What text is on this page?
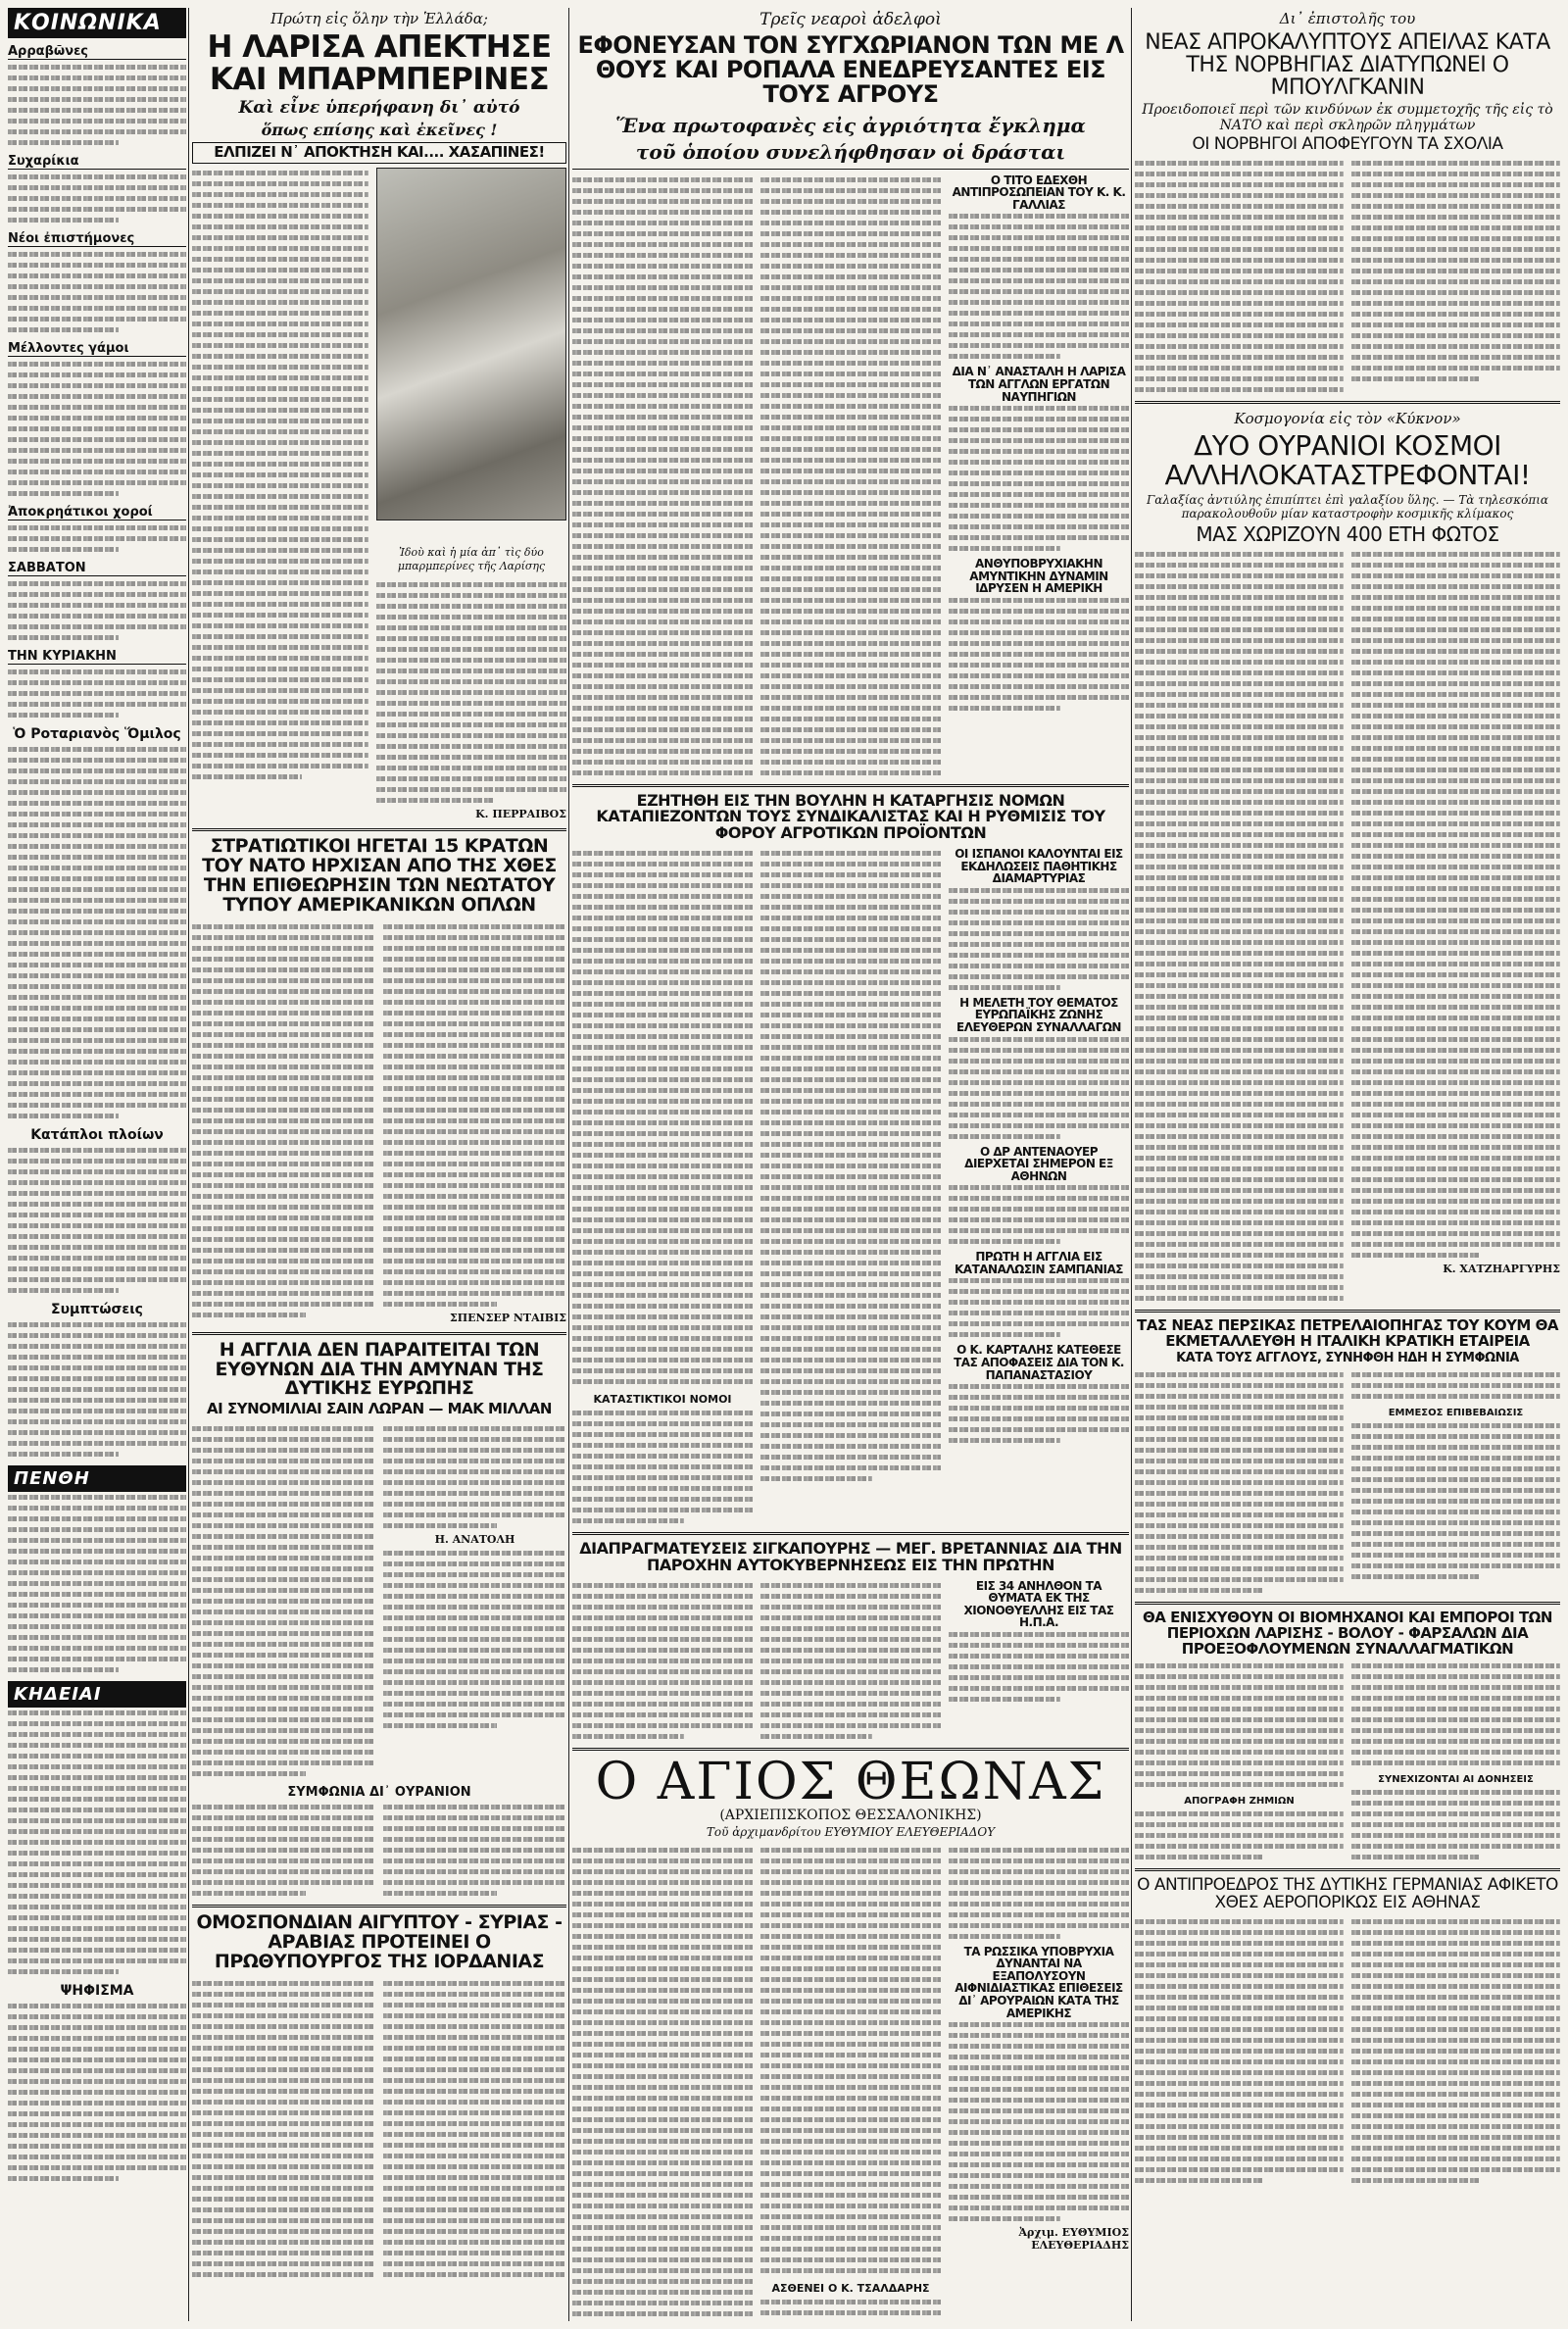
ΚΟΙΝΩΝΙΚΑ
Αρραβῶνες
Συχαρίκια
Νέοι ἐπιστήμονες
Μέλλοντες γάμοι
Ἀποκρηάτικοι χοροί
ΣΑΒΒΑΤΟΝ
ΤΗΝ ΚΥΡΙΑΚΗΝ
Ὁ Ροταριανὸς Ὅμιλος
Κατάπλοι πλοίων
Συμπτώσεις
ΠΕΝΘΗ
ΚΗΔΕΙΑΙ
ΨΗΦΙΣΜΑ
Πρώτη εἰς ὅλην τὴν Ἑλλάδα;
Η ΛΑΡΙΣΑ ΑΠΕΚΤΗΣΕ ΚΑΙ ΜΠΑΡΜΠΕΡΙΝΕΣ
Καὶ εἶνε ὑπερήφανη δι᾽ αὐτό
ὅπως επίσης καὶ ἐκεῖνες !
ΕΛΠΙΖΕΙ Ν᾽ ΑΠΟΚΤΗΣΗ ΚΑΙ.... ΧΑΣΑΠΙΝΕΣ!
Ἰδοὺ καὶ ἡ μία ἀπ᾽ τὶς δύο μπαρμπερίνες τῆς Λαρίσης
Κ. ΠΕΡΡΑΙΒΟΣ
ΣΤΡΑΤΙΩΤΙΚΟΙ ΗΓΕΤΑΙ 15 ΚΡΑΤΩΝ ΤΟΥ ΝΑΤΟ ΗΡΧΙΣΑΝ ΑΠΟ ΤΗΣ ΧΘΕΣ ΤΗΝ ΕΠΙΘΕΩΡΗΣΙΝ ΤΩΝ ΝΕΩΤΑΤΟΥ ΤΥΠΟΥ ΑΜΕΡΙΚΑΝΙΚΩΝ ΟΠΛΩΝ
ΣΠΕΝΣΕΡ ΝΤΑΙΒΙΣ
Η ΑΓΓΛΙΑ ΔΕΝ ΠΑΡΑΙΤΕΙΤΑΙ ΤΩΝ ΕΥΘΥΝΩΝ ΔΙΑ ΤΗΝ ΑΜΥΝΑΝ ΤΗΣ ΔΥΤΙΚΗΣ ΕΥΡΩΠΗΣ
ΑΙ ΣΥΝΟΜΙΛΙΑΙ ΣΑΙΝ ΛΩΡΑΝ — ΜΑΚ ΜΙΛΛΑΝ
Η. ΑΝΑΤΟΛΗ
ΣΥΜΦΩΝΙΑ ΔΙ᾽ ΟΥΡΑΝΙΟΝ
ΟΜΟΣΠΟΝΔΙΑΝ ΑΙΓΥΠΤΟΥ - ΣΥΡΙΑΣ - ΑΡΑΒΙΑΣ ΠΡΟΤΕΙΝΕΙ Ο ΠΡΩΘΥΠΟΥΡΓΟΣ ΤΗΣ ΙΟΡΔΑΝΙΑΣ
Τρεῖς νεαροὶ ἀδελφοὶ
ΕΦΟΝΕΥΣΑΝ ΤΟΝ ΣΥΓΧΩΡΙΑΝΟΝ ΤΩΝ ΜΕ Λ ΘΟΥΣ ΚΑΙ ΡΟΠΑΛΑ ΕΝΕΔΡΕΥΣΑΝΤΕΣ ΕΙΣ ΤΟΥΣ ΑΓΡΟΥΣ
Ἕνα πρωτοφανὲς εἰς ἀγριότητα ἔγκλημα
τοῦ ὁποίου συνελήφθησαν οἱ δράσται
Ο ΤΙΤΟ ΕΔΕΧΘΗ ΑΝΤΙΠΡΟΣΩΠΕΙΑΝ ΤΟΥ Κ. Κ. ΓΑΛΛΙΑΣ
ΔΙΑ Ν᾽ ΑΝΑΣΤΑΛΗ Η ΛΑΡΙΣΑ ΤΩΝ ΑΓΓΛΩΝ ΕΡΓΑΤΩΝ ΝΑΥΠΗΓΙΩΝ
ΑΝΘΥΠΟΒΡΥΧΙΑΚΗΝ ΑΜΥΝΤΙΚΗΝ ΔΥΝΑΜΙΝ ΙΔΡΥΣΕΝ Η ΑΜΕΡΙΚΗ
ΕΖΗΤΗΘΗ ΕΙΣ ΤΗΝ ΒΟΥΛΗΝ Η ΚΑΤΑΡΓΗΣΙΣ ΝΟΜΩΝ ΚΑΤΑΠΙΕΖΟΝΤΩΝ ΤΟΥΣ ΣΥΝΔΙΚΑΛΙΣΤΑΣ ΚΑΙ Η ΡΥΘΜΙΣΙΣ ΤΟΥ ΦΟΡΟΥ ΑΓΡΟΤΙΚΩΝ ΠΡΟΪΟΝΤΩΝ
ΚΑΤΑΣΤΙΚΤΙΚΟΙ ΝΟΜΟΙ
ΟΙ ΙΣΠΑΝΟΙ ΚΑΛΟΥΝΤΑΙ ΕΙΣ ΕΚΔΗΛΩΣΕΙΣ ΠΑΘΗΤΙΚΗΣ ΔΙΑΜΑΡΤΥΡΙΑΣ
Η ΜΕΛΕΤΗ ΤΟΥ ΘΕΜΑΤΟΣ ΕΥΡΩΠΑΪΚΗΣ ΖΩΝΗΣ ΕΛΕΥΘΕΡΩΝ ΣΥΝΑΛΛΑΓΩΝ
Ο ΔΡ ΑΝΤΕΝΑΟΥΕΡ ΔΙΕΡΧΕΤΑΙ ΣΗΜΕΡΟΝ ΕΞ ΑΘΗΝΩΝ
ΠΡΩΤΗ Η ΑΓΓΛΙΑ ΕΙΣ ΚΑΤΑΝΑΛΩΣΙΝ ΣΑΜΠΑΝΙΑΣ
Ο Κ. ΚΑΡΤΑΛΗΣ ΚΑΤΕΘΕΣΕ ΤΑΣ ΑΠΟΦΑΣΕΙΣ ΔΙΑ ΤΟΝ Κ. ΠΑΠΑΝΑΣΤΑΣΙΟΥ
ΔΙΑΠΡΑΓΜΑΤΕΥΣΕΙΣ ΣΙΓΚΑΠΟΥΡΗΣ — ΜΕΓ. ΒΡΕΤΑΝΝΙΑΣ ΔΙΑ ΤΗΝ ΠΑΡΟΧΗΝ ΑΥΤΟΚΥΒΕΡΝΗΣΕΩΣ ΕΙΣ ΤΗΝ ΠΡΩΤΗΝ
ΕΙΣ 34 ΑΝΗΛΘΟΝ ΤΑ ΘΥΜΑΤΑ ΕΚ ΤΗΣ ΧΙΟΝΟΘΥΕΛΛΗΣ ΕΙΣ ΤΑΣ Η.Π.Α.
Ο ΑΓΙΟΣ ΘΕΩΝΑΣ
(ΑΡΧΙΕΠΙΣΚΟΠΟΣ ΘΕΣΣΑΛΟΝΙΚΗΣ)
Τοῦ ἀρχιμανδρίτου ΕΥΘΥΜΙΟΥ ΕΛΕΥΘΕΡΙΑΔΟΥ
ΑΣΘΕΝΕΙ Ο Κ. ΤΣΑΛΔΑΡΗΣ
ΤΑ ΡΩΣΣΙΚΑ ΥΠΟΒΡΥΧΙΑ ΔΥΝΑΝΤΑΙ ΝΑ ΕΞΑΠΟΛΥΣΟΥΝ ΑΙΦΝΙΔΙΑΣΤΙΚΑΣ ΕΠΙΘΕΣΕΙΣ ΔΙ᾽ ΑΡΟΥΡΑΙΩΝ ΚΑΤΑ ΤΗΣ ΑΜΕΡΙΚΗΣ
Ἀρχιμ. ΕΥΘΥΜΙΟΣ ΕΛΕΥΘΕΡΙΑΔΗΣ
Δι᾽ ἐπιστολῆς του
ΝΕΑΣ ΑΠΡΟΚΑΛΥΠΤΟΥΣ ΑΠΕΙΛΑΣ ΚΑΤΑ ΤΗΣ ΝΟΡΒΗΓΙΑΣ ΔΙΑΤΥΠΩΝΕΙ Ο ΜΠΟΥΛΓΚΑΝΙΝ
Προειδοποιεῖ περὶ τῶν κινδύνων ἐκ συμμετοχῆς τῆς εἰς τὸ ΝΑΤΟ καὶ περὶ σκληρῶν πληγμάτων
ΟΙ ΝΟΡΒΗΓΟΙ ΑΠΟΦΕΥΓΟΥΝ ΤΑ ΣΧΟΛΙΑ
Κοσμογονία εἰς τὸν «Κύκνον»
ΔΥΟ ΟΥΡΑΝΙΟΙ ΚΟΣΜΟΙ ΑΛΛΗΛΟΚΑΤΑΣΤΡΕΦΟΝΤΑΙ!
Γαλαξίας ἀντιύλης ἐπιπίπτει ἐπὶ γαλαξίου ὕλης. — Τὰ τηλεσκόπια παρακολουθοῦν μίαν καταστροφὴν κοσμικῆς κλίμακος
ΜΑΣ ΧΩΡΙΖΟΥΝ 400 ΕΤΗ ΦΩΤΟΣ
Κ. ΧΑΤΖΗΑΡΓΥΡΗΣ
ΤΑΣ ΝΕΑΣ ΠΕΡΣΙΚΑΣ ΠΕΤΡΕΛΑΙΟΠΗΓΑΣ ΤΟΥ ΚΟΥΜ ΘΑ ΕΚΜΕΤΑΛΛΕΥΘΗ Η ΙΤΑΛΙΚΗ ΚΡΑΤΙΚΗ ΕΤΑΙΡΕΙΑ
ΚΑΤΑ ΤΟΥΣ ΑΓΓΛΟΥΣ, ΣΥΝΗΦΘΗ ΗΔΗ Η ΣΥΜΦΩΝΙΑ
ΕΜΜΕΣΟΣ ΕΠΙΒΕΒΑΙΩΣΙΣ
ΘΑ ΕΝΙΣΧΥΘΟΥΝ ΟΙ ΒΙΟΜΗΧΑΝΟΙ ΚΑΙ ΕΜΠΟΡΟΙ ΤΩΝ ΠΕΡΙΟΧΩΝ ΛΑΡΙΣΗΣ - ΒΟΛΟΥ - ΦΑΡΣΑΛΩΝ ΔΙΑ ΠΡΟΕΞΟΦΛΟΥΜΕΝΩΝ ΣΥΝΑΛΛΑΓΜΑΤΙΚΩΝ
ΑΠΟΓΡΑΦΗ ΖΗΜΙΩΝ
ΣΥΝΕΧΙΖΟΝΤΑΙ ΑΙ ΔΟΝΗΣΕΙΣ
Ο ΑΝΤΙΠΡΟΕΔΡΟΣ ΤΗΣ ΔΥΤΙΚΗΣ ΓΕΡΜΑΝΙΑΣ ΑΦΙΚΕΤΟ ΧΘΕΣ ΑΕΡΟΠΟΡΙΚΩΣ ΕΙΣ ΑΘΗΝΑΣ
